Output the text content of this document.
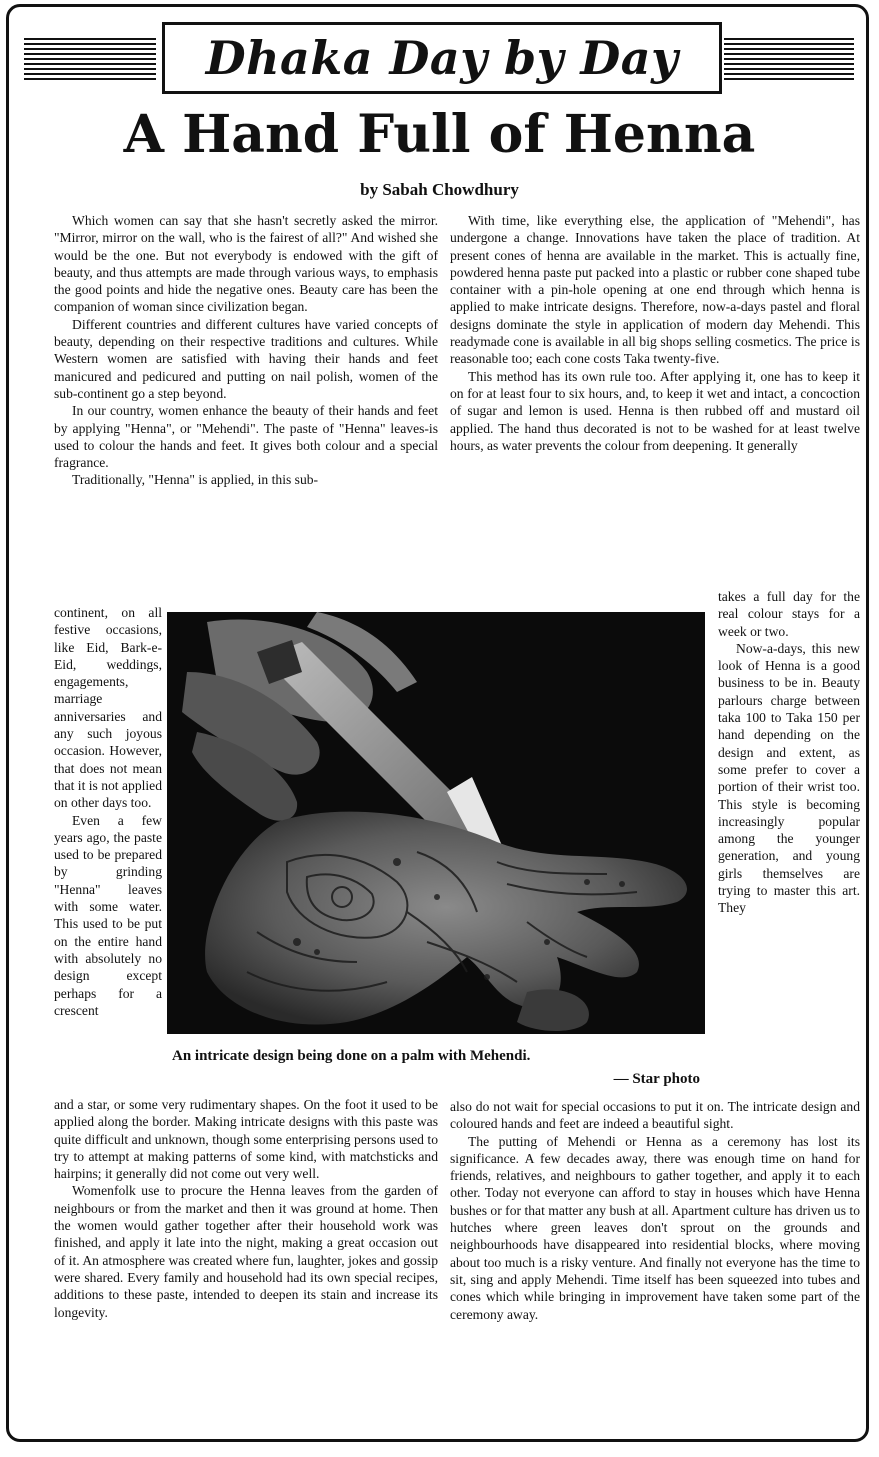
Dhaka Day by Day
A Hand Full of Henna
by Sabah Chowdhury

Which women can say that she hasn't secretly asked the mirror. "Mirror, mirror on the wall, who is the fairest of all?" And wished she would be the one. But not everybody is endowed with the gift of beauty, and thus attempts are made through various ways, to emphasis the good points and hide the negative ones. Beauty care has been the companion of woman since civilization began.

Different countries and different cultures have varied concepts of beauty, depending on their respective traditions and cultures. While Western women are satisfied with having their hands and feet manicured and pedicured and putting on nail polish, women of the sub-continent go a step beyond.

In our country, women enhance the beauty of their hands and feet by applying "Henna", or "Mehendi". The paste of "Henna" leaves-is used to colour the hands and feet. It gives both colour and a special fragrance.

Traditionally, "Henna" is applied, in this sub-

With time, like everything else, the application of "Mehendi", has undergone a change. Innovations have taken the place of tradition. At present cones of henna are available in the market. This is actually fine, powdered henna paste put packed into a plastic or rubber cone shaped tube container with a pin-hole opening at one end through which henna is applied to make intricate designs. Therefore, now-a-days pastel and floral designs dominate the style in application of modern day Mehendi. This readymade cone is available in all big shops selling cosmetics. The price is reasonable too; each cone costs Taka twenty-five.

This method has its own rule too. After applying it, one has to keep it on for at least four to six hours, and, to keep it wet and intact, a concoction of sugar and lemon is used. Henna is then rubbed off and mustard oil applied. The hand thus decorated is not to be washed for at least twelve hours, as water prevents the colour from deepening. It generally

continent, on all festive occasions, like Eid, Bark-e-Eid, weddings, engagements, marriage anniversaries and any such joyous occasion. However, that does not mean that it is not applied on other days too.

Even a few years ago, the paste used to be prepared by grinding "Henna" leaves with some water. This used to be put on the entire hand with absolutely no design except perhaps for a crescent

An intricate design being done on a palm with Mehendi.
— Star photo

takes a full day for the real colour stays for a week or two.

Now-a-days, this new look of Henna is a good business to be in. Beauty parlours charge between taka 100 to Taka 150 per hand depending on the design and extent, as some prefer to cover a portion of their wrist too. This style is becoming increasingly popular among the younger generation, and young girls themselves are trying to master this art. They

and a star, or some very rudimentary shapes. On the foot it used to be applied along the border. Making intricate designs with this paste was quite difficult and unknown, though some enterprising persons used to try to attempt at making patterns of some kind, with matchsticks and hairpins; it generally did not come out very well.

Womenfolk use to procure the Henna leaves from the garden of neighbours or from the market and then it was ground at home. Then the women would gather together after their household work was finished, and apply it late into the night, making a great occasion out of it. An atmosphere was created where fun, laughter, jokes and gossip were shared. Every family and household had its own special recipes, additions to these paste, intended to deepen its stain and increase its longevity.

also do not wait for special occasions to put it on. The intricate design and coloured hands and feet are indeed a beautiful sight.

The putting of Mehendi or Henna as a ceremony has lost its significance. A few decades away, there was enough time on hand for friends, relatives, and neighbours to gather together, and apply it to each other. Today not everyone can afford to stay in houses which have Henna bushes or for that matter any bush at all. Apartment culture has driven us to hutches where green leaves don't sprout on the grounds and neighbourhoods have disappeared into residential blocks, where moving about too much is a risky venture. And finally not everyone has the time to sit, sing and apply Mehendi. Time itself has been squeezed into tubes and cones which while bringing in improvement have taken some part of the ceremony away.
